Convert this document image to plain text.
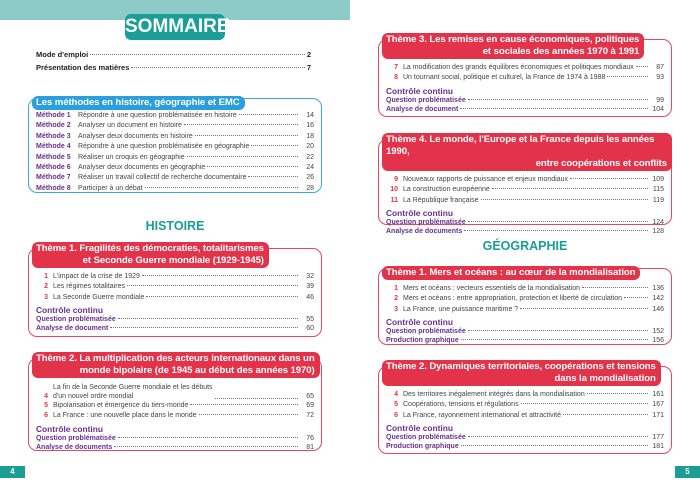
SOMMAIRE
Mode d'emploi	2
Présentation des matières	7
Les méthodes en histoire, géographie et EMC
Méthode 1	Répondre à une question problématisée en histoire	14
Méthode 2	Analyser un document en histoire	16
Méthode 3	Analyser deux documents en histoire	18
Méthode 4	Répondre à une question problématisée en géographie	20
Méthode 5	Réaliser un croquis en géographie	22
Méthode 6	Analyser deux documents en géographie	24
Méthode 7	Réaliser un travail collectif de recherche documentaire	26
Méthode 8	Participer à un débat	28
HISTOIRE
GÉOGRAPHIE
4	5
Thème 1. Fragilités des démocraties, totalitarismes
et Seconde Guerre mondiale (1929-1945)
1 L'impact de la crise de 1929	32
2 Les régimes totalitaires	39
3 La Seconde Guerre mondiale	46
Contrôle continu
Question problématisée	55
Analyse de document	60
Thème 2. La multiplication des acteurs internationaux dans un
monde bipolaire (de 1945 au début des années 1970)
4
La fin de la Seconde Guerre mondiale et les débuts
d'un nouvel ordre mondial	65
5 Bipolarisation et émergence du tiers-monde	69
6 La France : une nouvelle place dans le monde	72
Contrôle continu
Question problématisée	76
Analyse de documents	81
Thème 3. Les remises en cause économiques, politiques
et sociales des années 1970 à 1991
7 La modification des grands équilibres économiques et politiques mondiaux	87
8 Un tournant social, politique et culturel, la France de 1974 à 1988	93
Contrôle continu
Question problématisée	99
Analyse de document	104
Thème 4. Le monde, l'Europe et la France depuis les années 1990,
entre coopérations et conflits
9 Nouveaux rapports de puissance et enjeux mondiaux	109
10 La construction européenne	115
11 La République française	119
Contrôle continu
Question problématisée	124
Analyse de documents	128
Thème 1. Mers et océans : au cœur de la mondialisation
1 Mers et océans : vecteurs essentiels de la mondialisation	136
2 Mers et océans : entre appropriation, protection et liberté de circulation	142
3 La France, une puissance maritime ?	146
Contrôle continu
Question problématisée	152
Production graphique	156
Thème 2. Dynamiques territoriales, coopérations et tensions
dans la mondialisation
4 Des territoires inégalement intégrés dans la mondialisation	161
5 Coopérations, tensions et régulations	167
6 La France, rayonnement international et attractivité	171
Contrôle continu
Question problématisée	177
Production graphique	181
